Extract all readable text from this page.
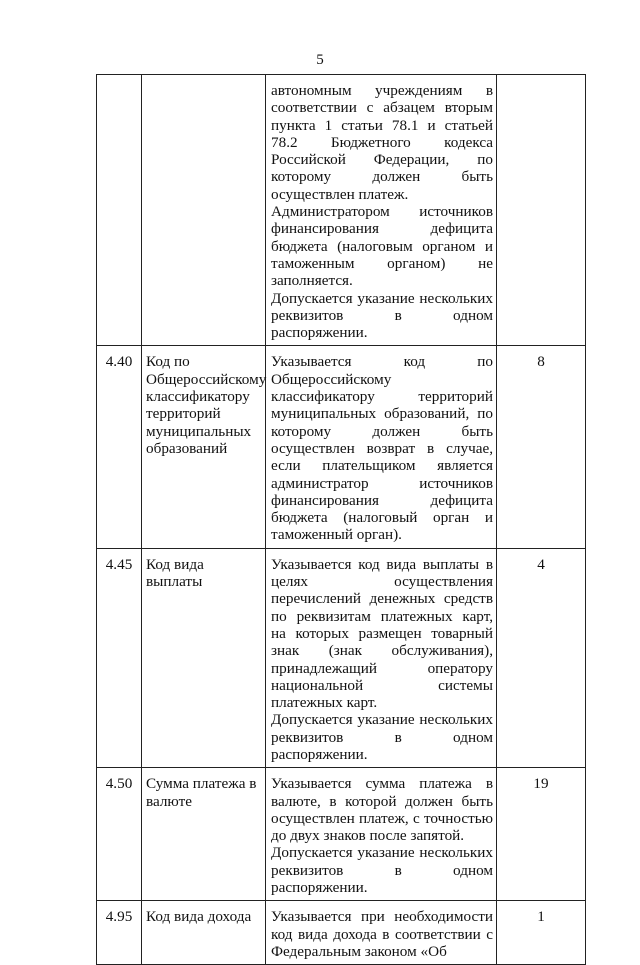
5

		автономным учреждениям в соответствии с абзацем вторым пункта 1 статьи 78.1 и статьей 78.2 Бюджетного кодекса Российской Федерации, по которому должен быть осуществлен платеж.
Администратором источников финансирования дефицита бюджета (налоговым органом и таможенным органом) не заполняется.
Допускается указание нескольких реквизитов в одном распоряжении.	

4.40	Код по Общероссийскому классификатору территорий муниципальных образований	Указывается код по Общероссийскому классификатору территорий муниципальных образований, по которому должен быть осуществлен возврат в случае, если плательщиком является администратор источников финансирования дефицита бюджета (налоговый орган и таможенный орган).	8
4.45	Код вида выплаты	Указывается код вида выплаты в целях осуществления перечислений денежных средств по реквизитам платежных карт, на которых размещен товарный знак (знак обслуживания), принадлежащий оператору национальной системы платежных карт.
Допускается указание нескольких реквизитов в одном распоряжении.	4
4.50	Сумма платежа в валюте	Указывается сумма платежа в валюте, в которой должен быть осуществлен платеж, с точностью до двух знаков после запятой.
Допускается указание нескольких реквизитов в одном распоряжении.	19
4.95	Код вида дохода	Указывается при необходимости код вида дохода в соответствии с Федеральным законом «Об	1
